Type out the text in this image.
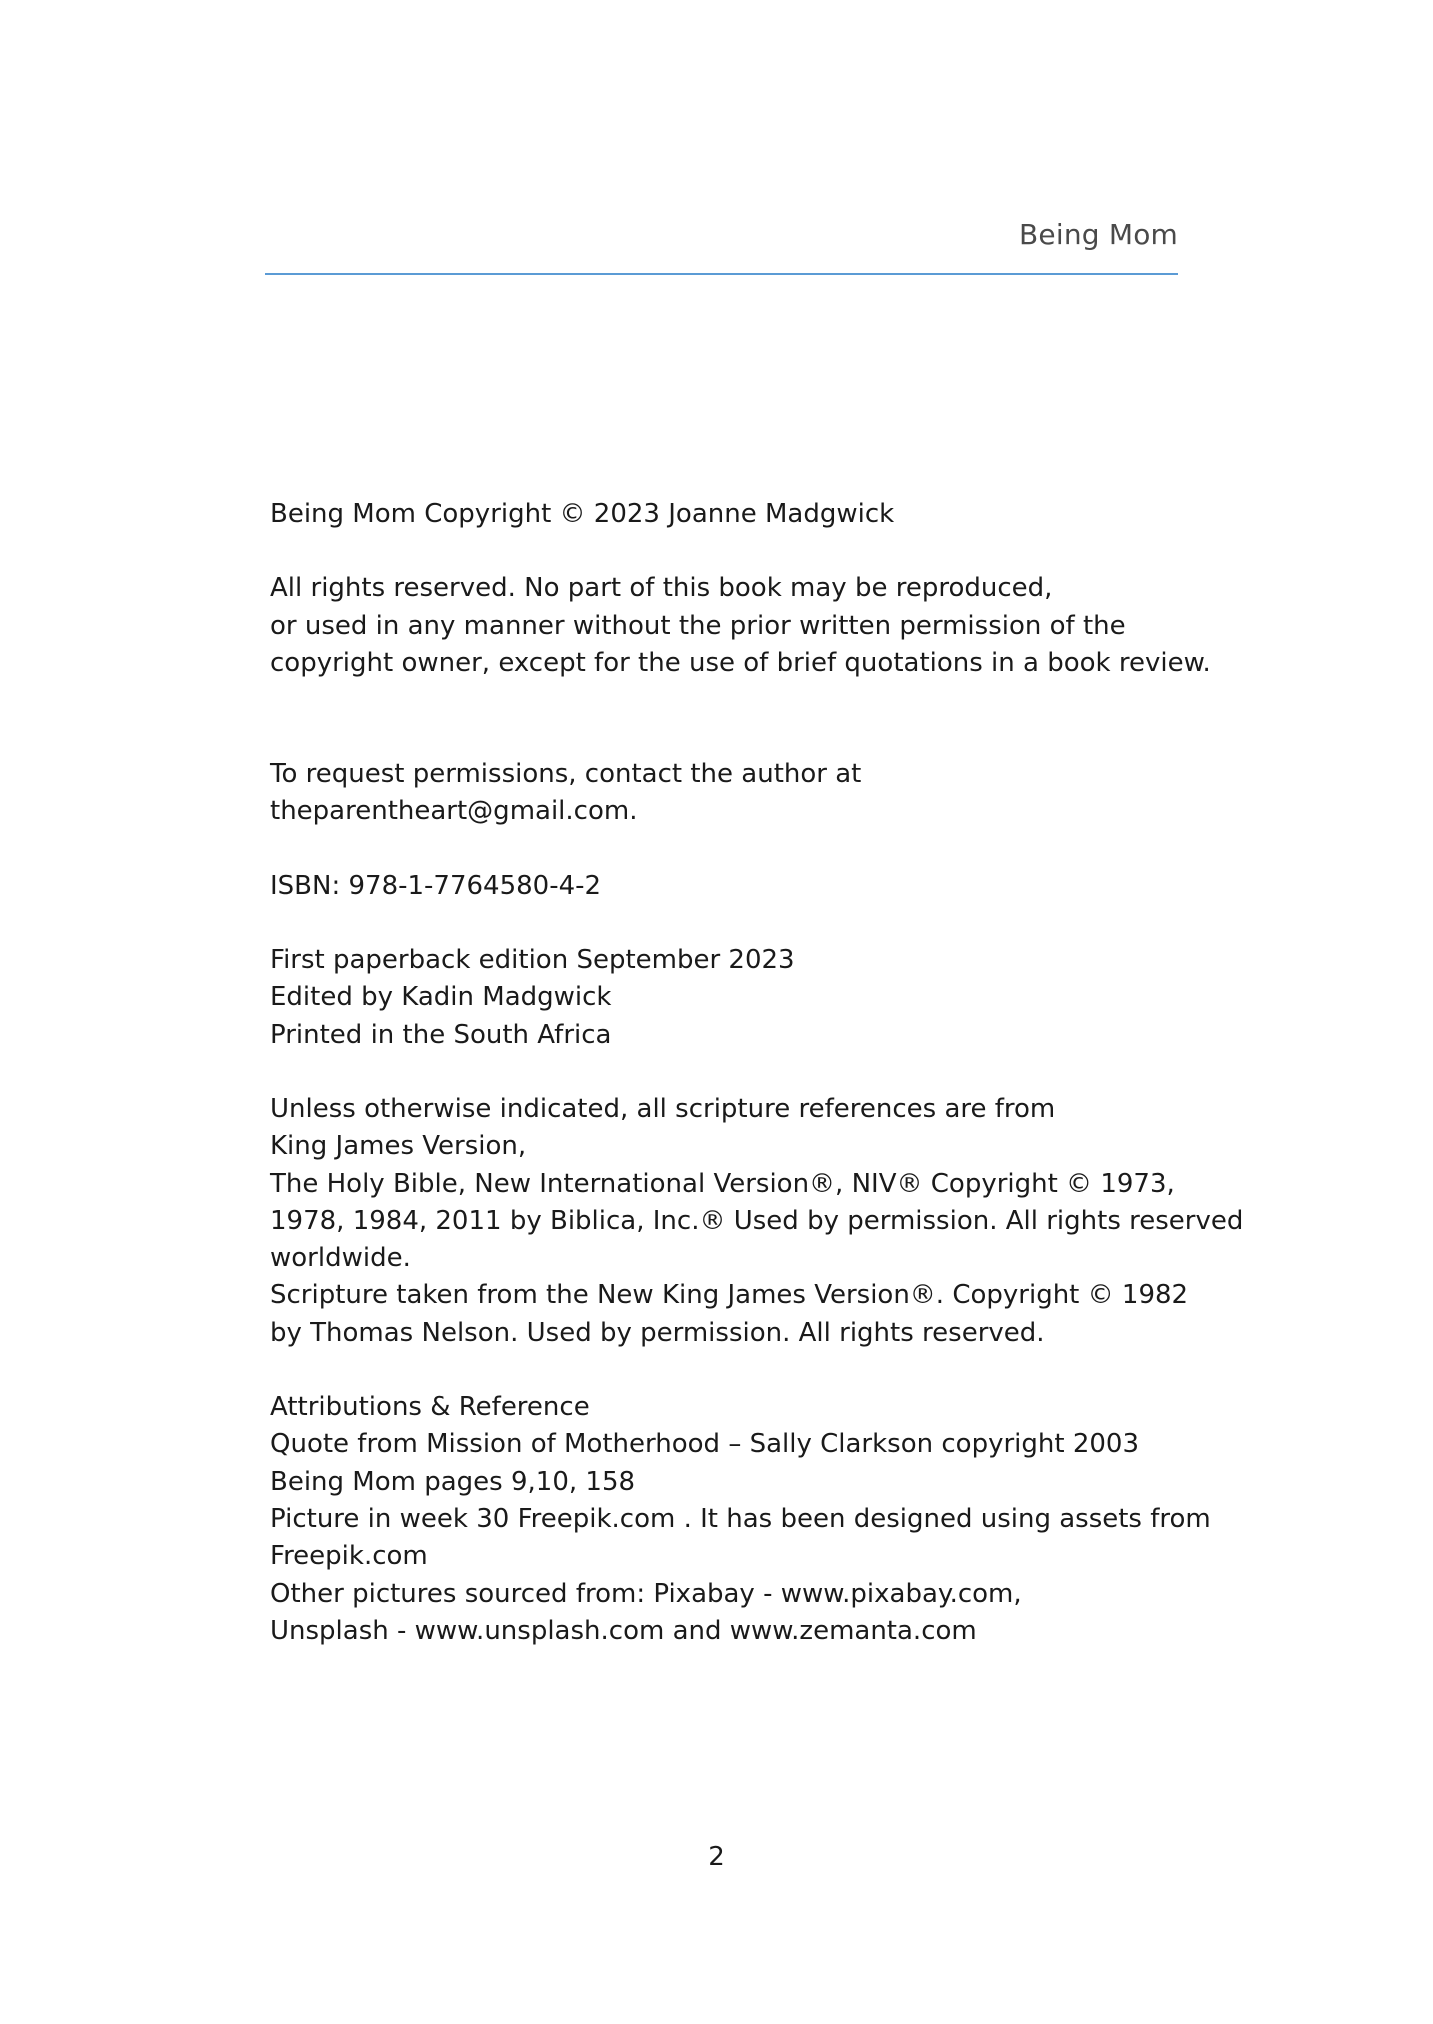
Being Mom
Being Mom Copyright © 2023 Joanne Madgwick
All rights reserved. No part of this book may be reproduced,
or used in any manner without the prior written permission of the
copyright owner, except for the use of brief quotations in a book review.
To request permissions, contact the author at
theparentheart@gmail.com.
ISBN: 978-1-7764580-4-2
First paperback edition September 2023
Edited by Kadin Madgwick
Printed in the South Africa
Unless otherwise indicated, all scripture references are from
King James Version,
The Holy Bible, New International Version®, NIV® Copyright © 1973,
1978, 1984, 2011 by Biblica, Inc.® Used by permission. All rights reserved
worldwide.
Scripture taken from the New King James Version®. Copyright © 1982
by Thomas Nelson. Used by permission. All rights reserved.
Attributions & Reference
Quote from Mission of Motherhood – Sally Clarkson copyright 2003
Being Mom pages 9,10, 158
Picture in week 30 Freepik.com . It has been designed using assets from
Freepik.com
Other pictures sourced from: Pixabay - www.pixabay.com,
Unsplash - www.unsplash.com and www.zemanta.com
2
